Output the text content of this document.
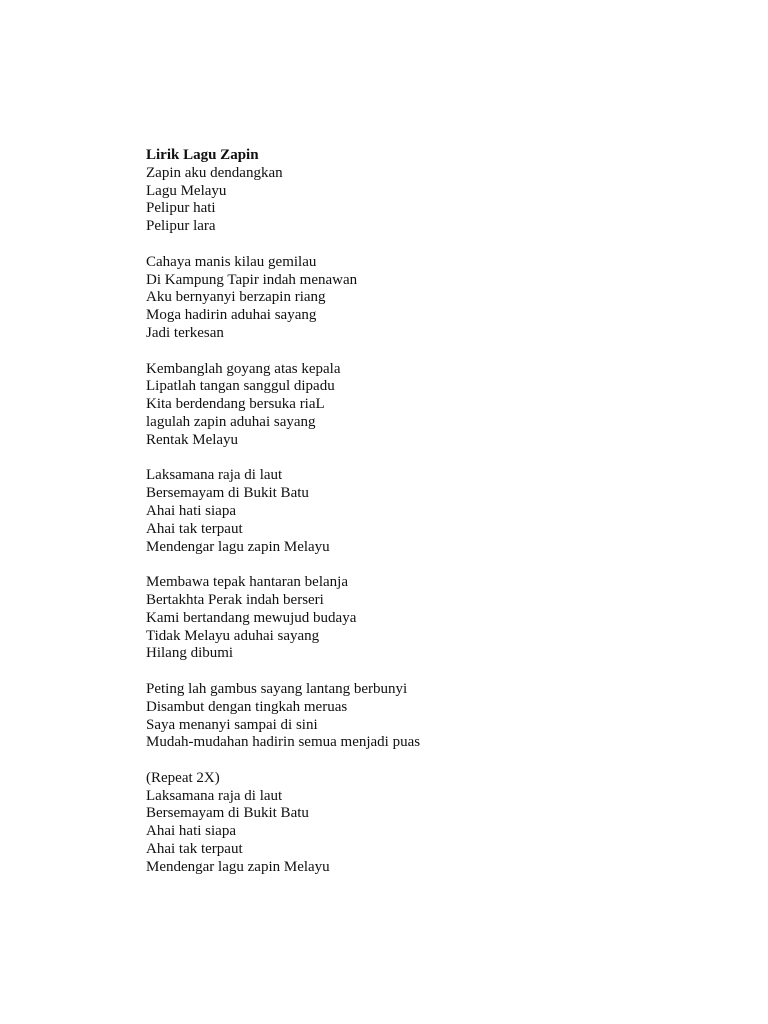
Lirik Lagu Zapin
Zapin aku dendangkan
Lagu Melayu
Pelipur hati
Pelipur lara
Cahaya manis kilau gemilau
Di Kampung Tapir indah menawan
Aku bernyanyi berzapin riang
Moga hadirin aduhai sayang
Jadi terkesan
Kembanglah goyang atas kepala
Lipatlah tangan sanggul dipadu
Kita berdendang bersuka riaL
lagulah zapin aduhai sayang
Rentak Melayu
Laksamana raja di laut
Bersemayam di Bukit Batu
Ahai hati siapa
Ahai tak terpaut
Mendengar lagu zapin Melayu
Membawa tepak hantaran belanja
Bertakhta Perak indah berseri
Kami bertandang mewujud budaya
Tidak Melayu aduhai sayang
Hilang dibumi
Peting lah gambus sayang lantang berbunyi
Disambut dengan tingkah meruas
Saya menanyi sampai di sini
Mudah-mudahan hadirin semua menjadi puas
(Repeat 2X)
Laksamana raja di laut
Bersemayam di Bukit Batu
Ahai hati siapa
Ahai tak terpaut
Mendengar lagu zapin Melayu
